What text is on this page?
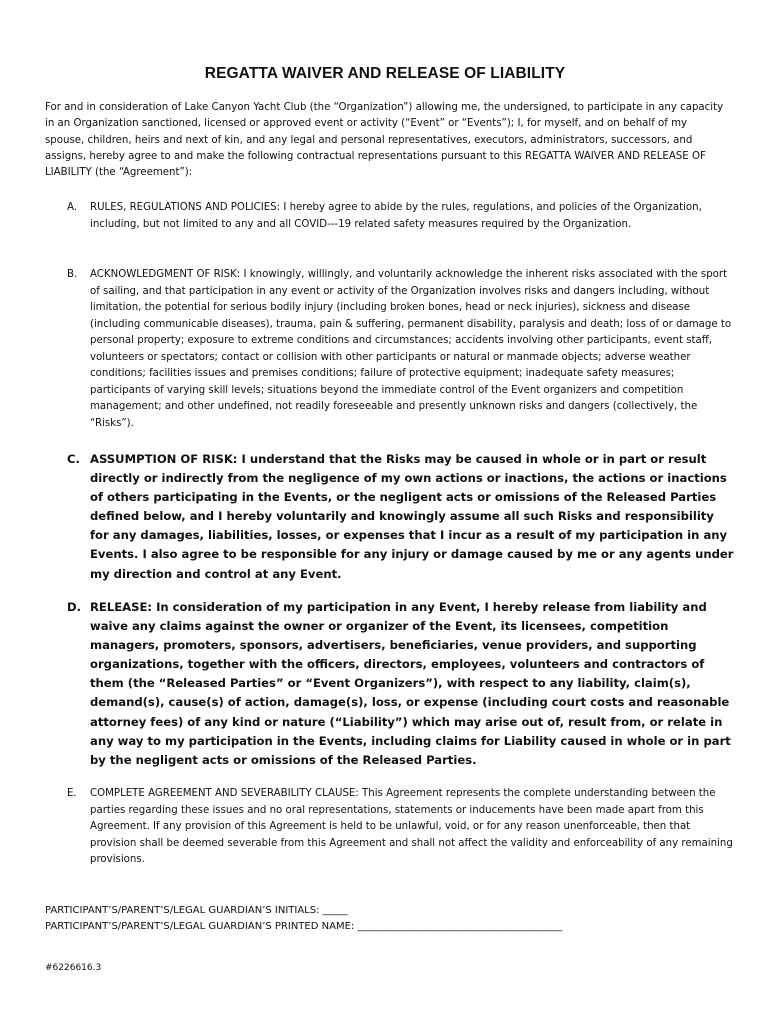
REGATTA WAIVER AND RELEASE OF LIABILITY
For and in consideration of Lake Canyon Yacht Club (the “Organization”) allowing me, the undersigned, to participate in any capacity in an Organization sanctioned, licensed or approved event or activity (“Event” or “Events”); I, for myself, and on behalf of my spouse, children, heirs and next of kin, and any legal and personal representatives, executors, administrators, successors, and assigns, hereby agree to and make the following contractual representations pursuant to this REGATTA WAIVER AND RELEASE OF LIABILITY (the “Agreement”):
A. RULES, REGULATIONS AND POLICIES: I hereby agree to abide by the rules, regulations, and policies of the Organization, including, but not limited to any and all COVID---19 related safety measures required by the Organization.
B. ACKNOWLEDGMENT OF RISK: I knowingly, willingly, and voluntarily acknowledge the inherent risks associated with the sport of sailing, and that participation in any event or activity of the Organization involves risks and dangers including, without limitation, the potential for serious bodily injury (including broken bones, head or neck injuries), sickness and disease (including communicable diseases), trauma, pain & suffering, permanent disability, paralysis and death; loss of or damage to personal property; exposure to extreme conditions and circumstances; accidents involving other participants, event staff, volunteers or spectators; contact or collision with other participants or natural or manmade objects; adverse weather conditions; facilities issues and premises conditions; failure of protective equipment; inadequate safety measures; participants of varying skill levels; situations beyond the immediate control of the Event organizers and competition management; and other undefined, not readily foreseeable and presently unknown risks and dangers (collectively, the “Risks”).
C. ASSUMPTION OF RISK: I understand that the Risks may be caused in whole or in part or result directly or indirectly from the negligence of my own actions or inactions, the actions or inactions of others participating in the Events, or the negligent acts or omissions of the Released Parties defined below, and I hereby voluntarily and knowingly assume all such Risks and responsibility for any damages, liabilities, losses, or expenses that I incur as a result of my participation in any Events. I also agree to be responsible for any injury or damage caused by me or any agents under my direction and control at any Event.
D. RELEASE: In consideration of my participation in any Event, I hereby release from liability and waive any claims against the owner or organizer of the Event, its licensees, competition managers, promoters, sponsors, advertisers, beneficiaries, venue providers, and supporting organizations, together with the officers, directors, employees, volunteers and contractors of them (the “Released Parties” or “Event Organizers”), with respect to any liability, claim(s), demand(s), cause(s) of action, damage(s), loss, or expense (including court costs and reasonable attorney fees) of any kind or nature (“Liability”) which may arise out of, result from, or relate in any way to my participation in the Events, including claims for Liability caused in whole or in part by the negligent acts or omissions of the Released Parties.
E. COMPLETE AGREEMENT AND SEVERABILITY CLAUSE: This Agreement represents the complete understanding between the parties regarding these issues and no oral representations, statements or inducements have been made apart from this Agreement. If any provision of this Agreement is held to be unlawful, void, or for any reason unenforceable, then that provision shall be deemed severable from this Agreement and shall not affect the validity and enforceability of any remaining provisions.
PARTICIPANT’S/PARENT’S/LEGAL GUARDIAN’S INITIALS: _____
PARTICIPANT’S/PARENT’S/LEGAL GUARDIAN’S PRINTED NAME: _________________________________________
#6226616.3
